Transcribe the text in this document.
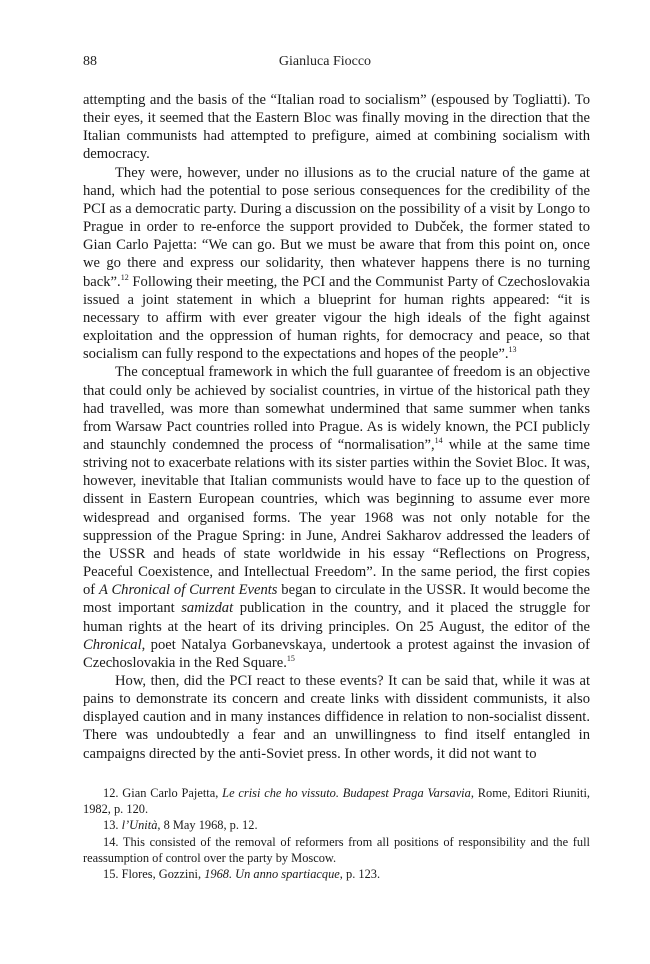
88	Gianluca Fiocco

attempting and the basis of the “Italian road to socialism” (espoused by Togliatti). To their eyes, it seemed that the Eastern Bloc was finally moving in the direction that the Italian communists had attempted to prefigure, aimed at combining socialism with democracy.

They were, however, under no illusions as to the crucial nature of the game at hand, which had the potential to pose serious consequences for the credibility of the PCI as a democratic party. During a discussion on the possibility of a visit by Longo to Prague in order to re-enforce the support provided to Dubček, the former stated to Gian Carlo Pajetta: “We can go. But we must be aware that from this point on, once we go there and express our solidarity, then whatever happens there is no turning back”.$^{12}$ Following their meeting, the PCI and the Communist Party of Czechoslovakia issued a joint statement in which a blueprint for human rights appeared: “it is necessary to affirm with ever greater vigour the high ideals of the fight against exploitation and the oppression of human rights, for democracy and peace, so that socialism can fully respond to the expectations and hopes of the people”.$^{13}$

The conceptual framework in which the full guarantee of freedom is an objective that could only be achieved by socialist countries, in virtue of the historical path they had travelled, was more than somewhat undermined that same summer when tanks from Warsaw Pact countries rolled into Prague. As is widely known, the PCI publicly and staunchly condemned the process of “normalisation”,$^{14}$ while at the same time striving not to exacerbate relations with its sister parties within the Soviet Bloc. It was, however, inevitable that Italian communists would have to face up to the question of dissent in Eastern European countries, which was beginning to assume ever more widespread and organised forms. The year 1968 was not only notable for the suppression of the Prague Spring: in June, Andrei Sakharov addressed the leaders of the USSR and heads of state worldwide in his essay “Reflections on Progress, Peaceful Coexistence, and Intellectual Freedom”. In the same period, the first copies of A Chronical of Current Events began to circulate in the USSR. It would become the most important samizdat publication in the country, and it placed the struggle for human rights at the heart of its driving principles. On 25 August, the editor of the Chronical, poet Natalya Gorbanevskaya, undertook a protest against the invasion of Czechoslovakia in the Red Square.$^{15}$

How, then, did the PCI react to these events? It can be said that, while it was at pains to demonstrate its concern and create links with dissident communists, it also displayed caution and in many instances diffidence in relation to non-socialist dissent. There was undoubtedly a fear and an unwillingness to find itself entangled in campaigns directed by the anti-Soviet press. In other words, it did not want to

12. Gian Carlo Pajetta, Le crisi che ho vissuto. Budapest Praga Varsavia, Rome, Editori Riuniti, 1982, p. 120.

13. l’Unità, 8 May 1968, p. 12.

14. This consisted of the removal of reformers from all positions of responsibility and the full reassumption of control over the party by Moscow.

15. Flores, Gozzini, 1968. Un anno spartiacque, p. 123.
